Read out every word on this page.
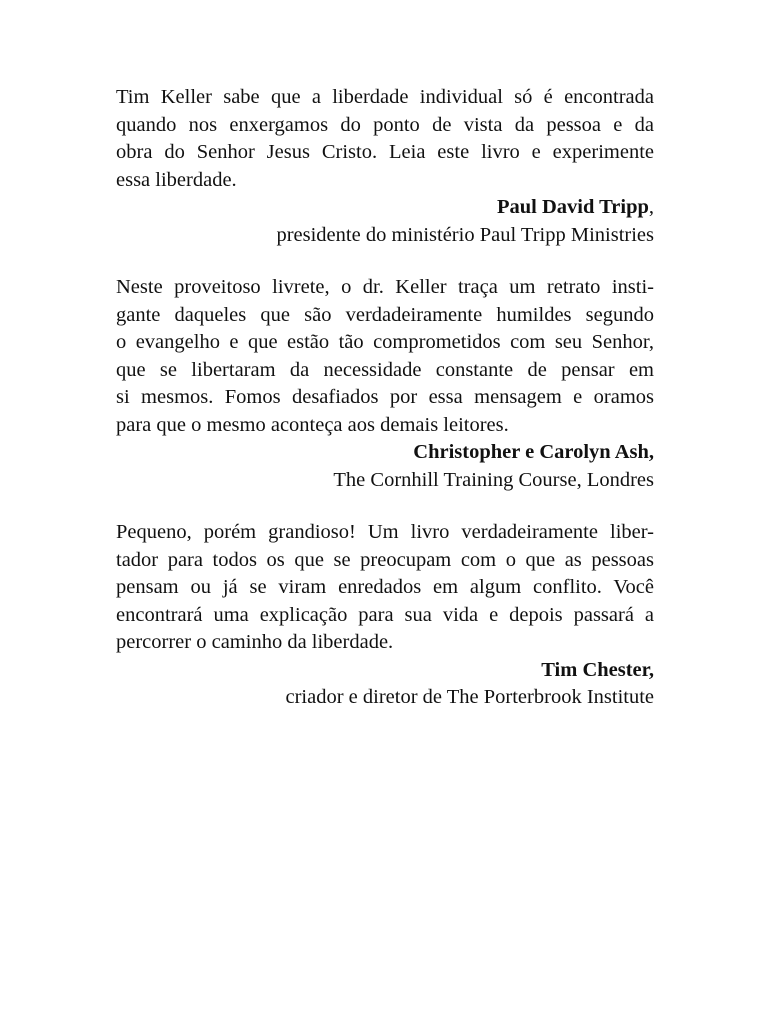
Tim Keller sabe que a liberdade individual só é encontrada
quando nos enxergamos do ponto de vista da pessoa e da
obra do Senhor Jesus Cristo. Leia este livro e experimente
essa liberdade.
Paul David Tripp,
presidente do ministério Paul Tripp Ministries
Neste proveitoso livrete, o dr. Keller traça um retrato insti-
gante daqueles que são verdadeiramente humildes segundo
o evangelho e que estão tão comprometidos com seu Senhor,
que se libertaram da necessidade constante de pensar em
si mesmos. Fomos desafiados por essa mensagem e oramos
para que o mesmo aconteça aos demais leitores.
Christopher e Carolyn Ash,
The Cornhill Training Course, Londres
Pequeno, porém grandioso! Um livro verdadeiramente liber-
tador para todos os que se preocupam com o que as pessoas
pensam ou já se viram enredados em algum conflito. Você
encontrará uma explicação para sua vida e depois passará a
percorrer o caminho da liberdade.
Tim Chester,
criador e diretor de The Porterbrook Institute
